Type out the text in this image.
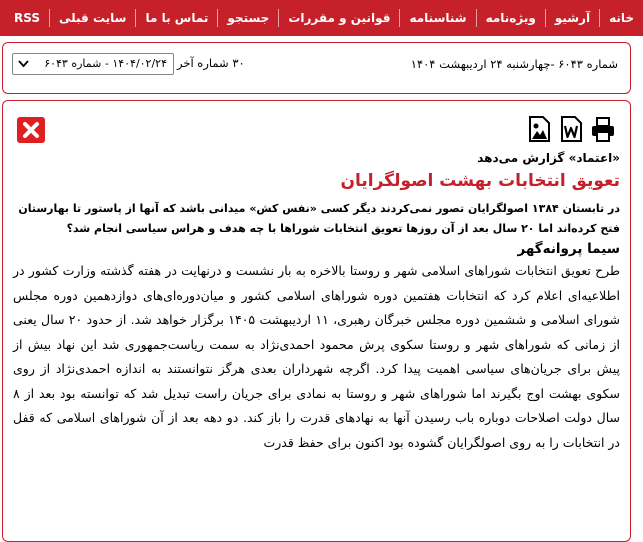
خانه
آرشیو
ویژه‌نامه
شناسنامه
قوانین و مقررات
جستجو
تماس با ما
سایت قبلی
RSS
شماره ۶۰۴۳ -چهارشنبه ۲۴ اردیبهشت ۱۴۰۴
۳۰ شماره آخر
۱۴۰۴/۰۲/۲۴ - شماره ۶۰۴۳

«اعتماد» گزارش می‌دهد

تعویق انتخابات بهشت اصولگرایان

در تابستان ۱۳۸۴ اصولگرایان تصور نمی‌کردند دیگر کسی «نفس کش» میدانی باشد که آنها از پاستور تا بهارستان فتح کرده‌اند اما ۲۰ سال بعد از آن روزها تعویق انتخابات شوراها با چه هدف و هراس سیاسی انجام شد؟

سیما پروانه‌گهر

طرح تعویق انتخابات شوراهای اسلامی شهر و روستا بالاخره به بار نشست و درنهایت در هفته گذشته وزارت کشور در اطلاعیه‌ای اعلام کرد که انتخابات هفتمین دوره شوراهای اسلامی کشور و میان‌دوره‌ای‌های دوازدهمین دوره مجلس شورای اسلامی و ششمین دوره مجلس خبرگان رهبری، ۱۱ اردیبهشت ۱۴۰۵ برگزار خواهد شد. از حدود ۲۰ سال یعنی از زمانی که شوراهای شهر و روستا سکوی پرش محمود احمدی‌نژاد به سمت ریاست‌جمهوری شد این نهاد بیش از پیش برای جریان‌های سیاسی اهمیت پیدا کرد. اگرچه شهرداران بعدی هرگز نتوانستند به اندازه احمدی‌نژاد از روی سکوی بهشت اوج بگیرند اما شوراهای شهر و روستا به نمادی برای جریان راست تبدیل شد که توانسته بود بعد از ۸ سال دولت اصلاحات دوباره باب رسیدن آنها به نهادهای قدرت را باز کند. دو دهه بعد از آن شوراهای اسلامی که قفل در انتخابات را به روی اصولگرایان گشوده بود اکنون برای حفظ قدرت
